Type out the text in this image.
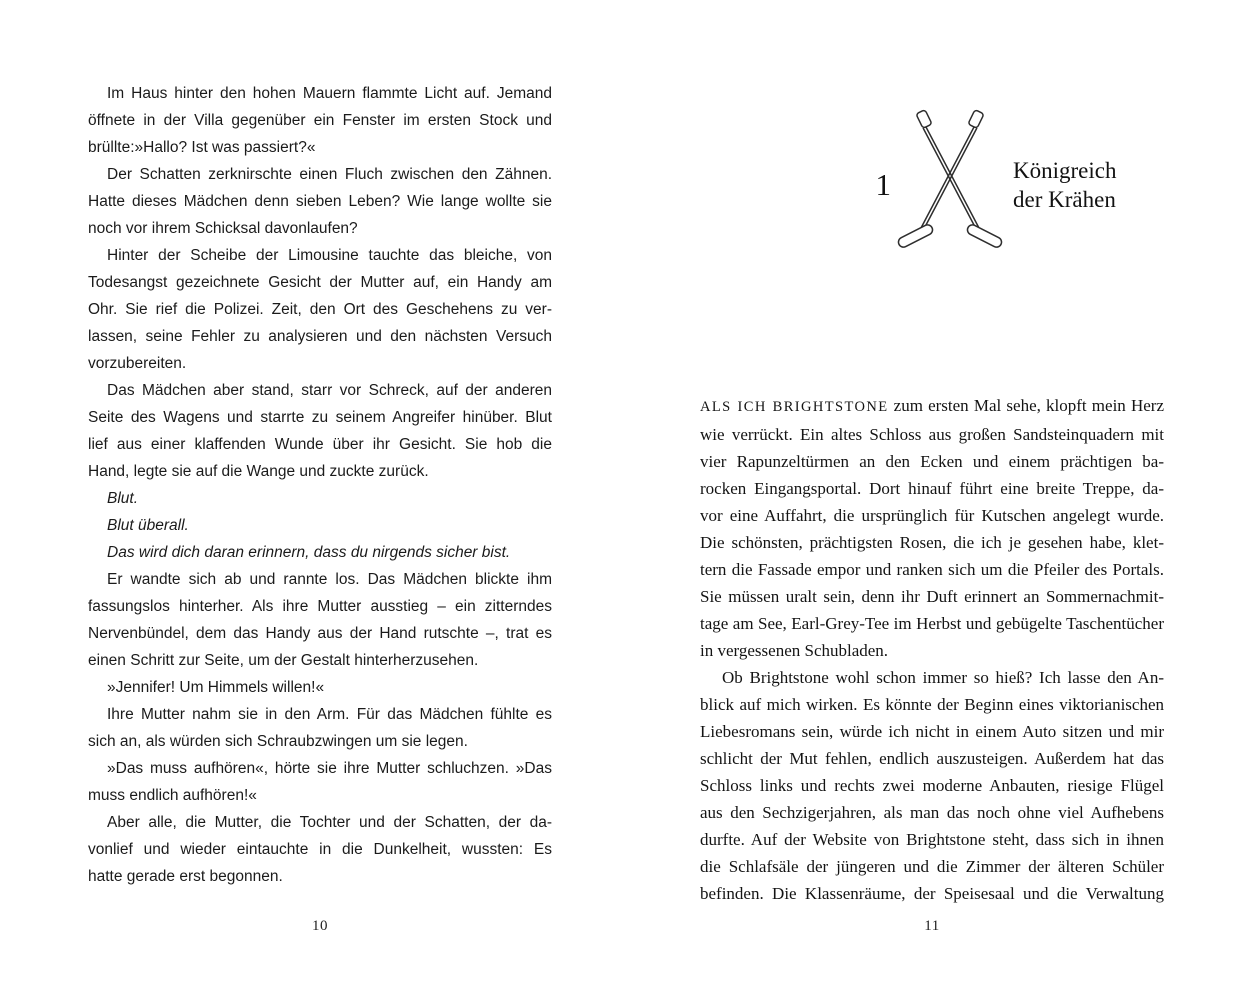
Im Haus hinter den hohen Mauern flammte Licht auf. Jemand
öffnete in der Villa gegenüber ein Fenster im ersten Stock und
brüllte:»Hallo? Ist was passiert?«
Der Schatten zerknirschte einen Fluch zwischen den Zähnen.
Hatte dieses Mädchen denn sieben Leben? Wie lange wollte sie
noch vor ihrem Schicksal davonlaufen?
Hinter der Scheibe der Limousine tauchte das bleiche, von
Todesangst gezeichnete Gesicht der Mutter auf, ein Handy am
Ohr. Sie rief die Polizei. Zeit, den Ort des Geschehens zu ver-
lassen, seine Fehler zu analysieren und den nächsten Versuch
vorzubereiten.
Das Mädchen aber stand, starr vor Schreck, auf der anderen
Seite des Wagens und starrte zu seinem Angreifer hinüber. Blut
lief aus einer klaffenden Wunde über ihr Gesicht. Sie hob die
Hand, legte sie auf die Wange und zuckte zurück.
Blut.
Blut überall.
Das wird dich daran erinnern, dass du nirgends sicher bist.
Er wandte sich ab und rannte los. Das Mädchen blickte ihm
fassungslos hinterher. Als ihre Mutter ausstieg – ein zitterndes
Nervenbündel, dem das Handy aus der Hand rutschte –, trat es
einen Schritt zur Seite, um der Gestalt hinterherzusehen.
»Jennifer! Um Himmels willen!«
Ihre Mutter nahm sie in den Arm. Für das Mädchen fühlte es
sich an, als würden sich Schraubzwingen um sie legen.
»Das muss aufhören«, hörte sie ihre Mutter schluchzen. »Das
muss endlich aufhören!«
Aber alle, die Mutter, die Tochter und der Schatten, der da-
vonlief und wieder eintauchte in die Dunkelheit, wussten: Es
hatte gerade erst begonnen.
10
1	Königreich
der Krähen
ALS ICH BRIGHTSTONE zum ersten Mal sehe, klopft mein Herz
wie verrückt. Ein altes Schloss aus großen Sandsteinquadern mit
vier Rapunzeltürmen an den Ecken und einem prächtigen ba-
rocken Eingangsportal. Dort hinauf führt eine breite Treppe, da-
vor eine Auffahrt, die ursprünglich für Kutschen angelegt wurde.
Die schönsten, prächtigsten Rosen, die ich je gesehen habe, klet-
tern die Fassade empor und ranken sich um die Pfeiler des Portals.
Sie müssen uralt sein, denn ihr Duft erinnert an Sommernachmit-
tage am See, Earl-Grey-Tee im Herbst und gebügelte Taschentücher
in vergessenen Schubladen.
Ob Brightstone wohl schon immer so hieß? Ich lasse den An-
blick auf mich wirken. Es könnte der Beginn eines viktorianischen
Liebesromans sein, würde ich nicht in einem Auto sitzen und mir
schlicht der Mut fehlen, endlich auszusteigen. Außerdem hat das
Schloss links und rechts zwei moderne Anbauten, riesige Flügel
aus den Sechzigerjahren, als man das noch ohne viel Aufhebens
durfte. Auf der Website von Brightstone steht, dass sich in ihnen
die Schlafsäle der jüngeren und die Zimmer der älteren Schüler
befinden. Die Klassenräume, der Speisesaal und die Verwaltung
11
